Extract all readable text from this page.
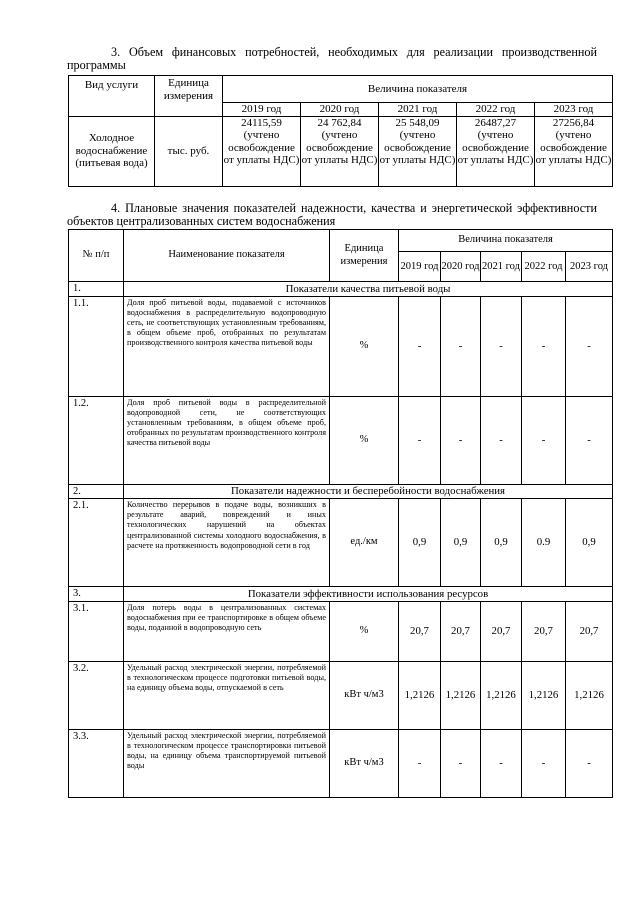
3. Объем финансовых потребностей, необходимых для реализации производственной программы
Вид услуги	Единица измерения	Величина показателя				
		2019 год	2020 год	2021 год	2022 год	2023 год
Холодное водоснабжение (питьевая вода)	тыс. руб.	24115,59 (учтено освобождение от уплаты НДС)	24 762,84 (учтено освобождение от уплаты НДС)	25 548,09 (учтено освобождение от уплаты НДС)	26487,27 (учтено освобождение от уплаты НДС)	27256,84 (учтено освобождение от уплаты НДС)
4. Плановые значения показателей надежности, качества и энергетической эффективности объектов централизованных систем водоснабжения
№ п/п	Наименование показателя	Единица измерения	Величина показателя				
			2019 год	2020 год	2021 год	2022 год	2023 год
1.	Показатели качества питьевой воды						
1.1.	Доля проб питьевой воды, подаваемой с источников водоснабжения в распределительную водопроводную сеть, не соответствующих установленным требованиям, в общем объеме проб, отобранных по результатам производственного контроля качества питьевой воды	%	-	-	-	-	-
1.2.	Доля проб питьевой воды в распределительной водопроводной сети, не соответствующих установленным требованиям, в общем объеме проб, отобранных по результатам производственного контроля качества питьевой воды	%	-	-	-	-	-
2.	Показатели надежности и бесперебойности водоснабжения						
2.1.	Количество перерывов в подаче воды, возникших в результате аварий, повреждений и иных технологических нарушений на объектах централизованной системы холодного водоснабжения, в расчете на протяженность водопроводной сети в год	ед./км	0,9	0,9	0,9	0.9	0,9
3.	Показатели эффективности использования ресурсов						
3.1.	Доля потерь воды в централизованных системах водоснабжения при ее транспортировке в общем объеме воды, поданной в водопроводную сеть	%	20,7	20,7	20,7	20,7	20,7
3.2.	Удельный расход электрической энергии, потребляемой в технологическом процессе подготовки питьевой воды, на единицу объема воды, отпускаемой в сеть	кВт ч/м3	1,2126	1,2126	1,2126	1,2126	1,2126
3.3.	Удельный расход электрической энергии, потребляемой в технологическом процессе транспортировки питьевой воды, на единицу объема транспортируемой питьевой воды	кВт ч/м3	-	-	-	-	-
